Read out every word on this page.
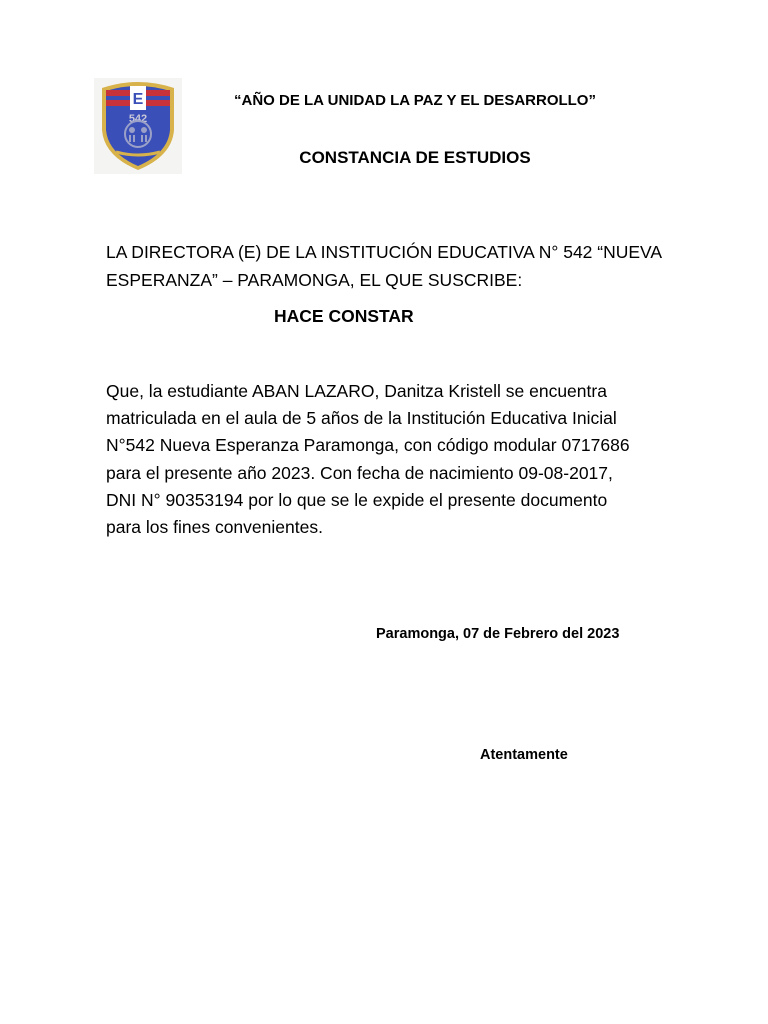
E
542
“AÑO DE LA UNIDAD LA PAZ Y EL DESARROLLO”
CONSTANCIA DE ESTUDIOS
LA DIRECTORA (E) DE LA INSTITUCIÓN EDUCATIVA N° 542 “NUEVA
ESPERANZA” – PARAMONGA, EL QUE SUSCRIBE:
HACE CONSTAR
Que, la estudiante ABAN LAZARO, Danitza Kristell se encuentra
matriculada en el aula de 5 años de la Institución Educativa Inicial
N°542 Nueva Esperanza Paramonga, con código modular 0717686
para el presente año 2023. Con fecha de nacimiento 09-08-2017,
DNI N° 90353194 por lo que se le expide el presente documento
para los fines convenientes.
Paramonga, 07 de Febrero del 2023
Atentamente
